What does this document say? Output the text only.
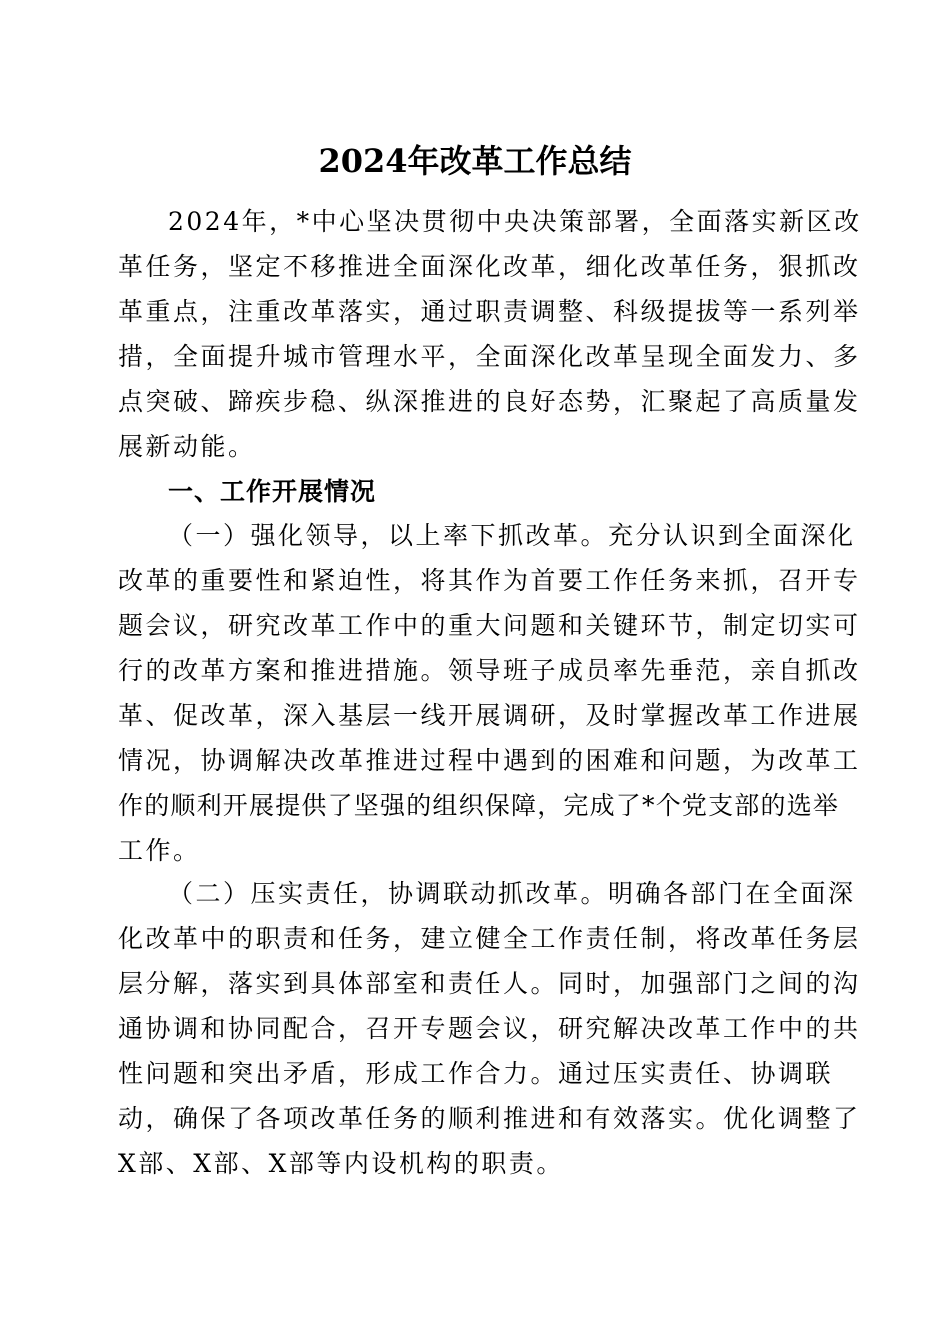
2024年改革工作总结
2024年，*中心坚决贯彻中央决策部署，全面落实新区改
革任务，坚定不移推进全面深化改革，细化改革任务，狠抓改
革重点，注重改革落实，通过职责调整、科级提拔等一系列举
措，全面提升城市管理水平，全面深化改革呈现全面发力、多
点突破、蹄疾步稳、纵深推进的良好态势，汇聚起了高质量发
展新动能。
一、工作开展情况
（一）强化领导，以上率下抓改革。充分认识到全面深化
改革的重要性和紧迫性，将其作为首要工作任务来抓，召开专
题会议，研究改革工作中的重大问题和关键环节，制定切实可
行的改革方案和推进措施。领导班子成员率先垂范，亲自抓改
革、促改革，深入基层一线开展调研，及时掌握改革工作进展
情况，协调解决改革推进过程中遇到的困难和问题，为改革工
作的顺利开展提供了坚强的组织保障，完成了*个党支部的选举
工作。
（二）压实责任，协调联动抓改革。明确各部门在全面深
化改革中的职责和任务，建立健全工作责任制，将改革任务层
层分解，落实到具体部室和责任人。同时，加强部门之间的沟
通协调和协同配合，召开专题会议，研究解决改革工作中的共
性问题和突出矛盾，形成工作合力。通过压实责任、协调联
动，确保了各项改革任务的顺利推进和有效落实。优化调整了
X部、X部、X部等内设机构的职责。
